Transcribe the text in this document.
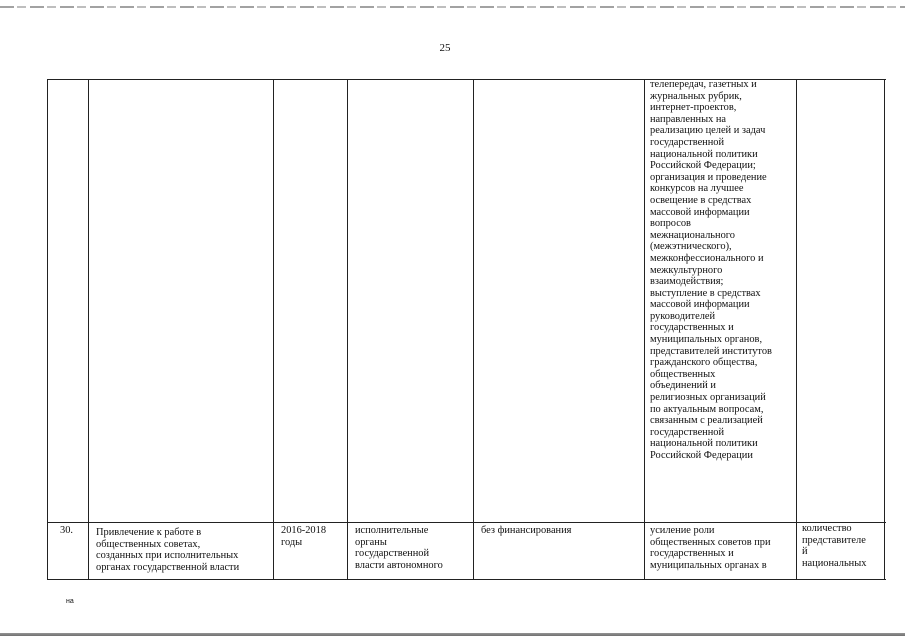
25
телепередач, газетных и
журнальных рубрик,
интернет-проектов,
направленных на
реализацию целей и задач
государственной
национальной политики
Российской Федерации;
организация и проведение
конкурсов на лучшее
освещение в средствах
массовой информации
вопросов
межнационального
(межэтнического),
межконфессионального и
межкультурного
взаимодействия;
выступление в средствах
массовой информации
руководителей
государственных и
муниципальных органов,
представителей институтов
гражданского общества,
общественных
объединений и
религиозных организаций
по актуальным вопросам,
связанным с реализацией
государственной
национальной политики
Российской Федерации
30. Привлечение к работе в
общественных советах,
созданных при исполнительных
органах государственной власти
2016-2018
годы
исполнительные
органы
государственной
власти автономного
без финансирования	усиление роли
общественных советов при
государственных и
муниципальных органах в
количество
представителе
й
национальных
на
